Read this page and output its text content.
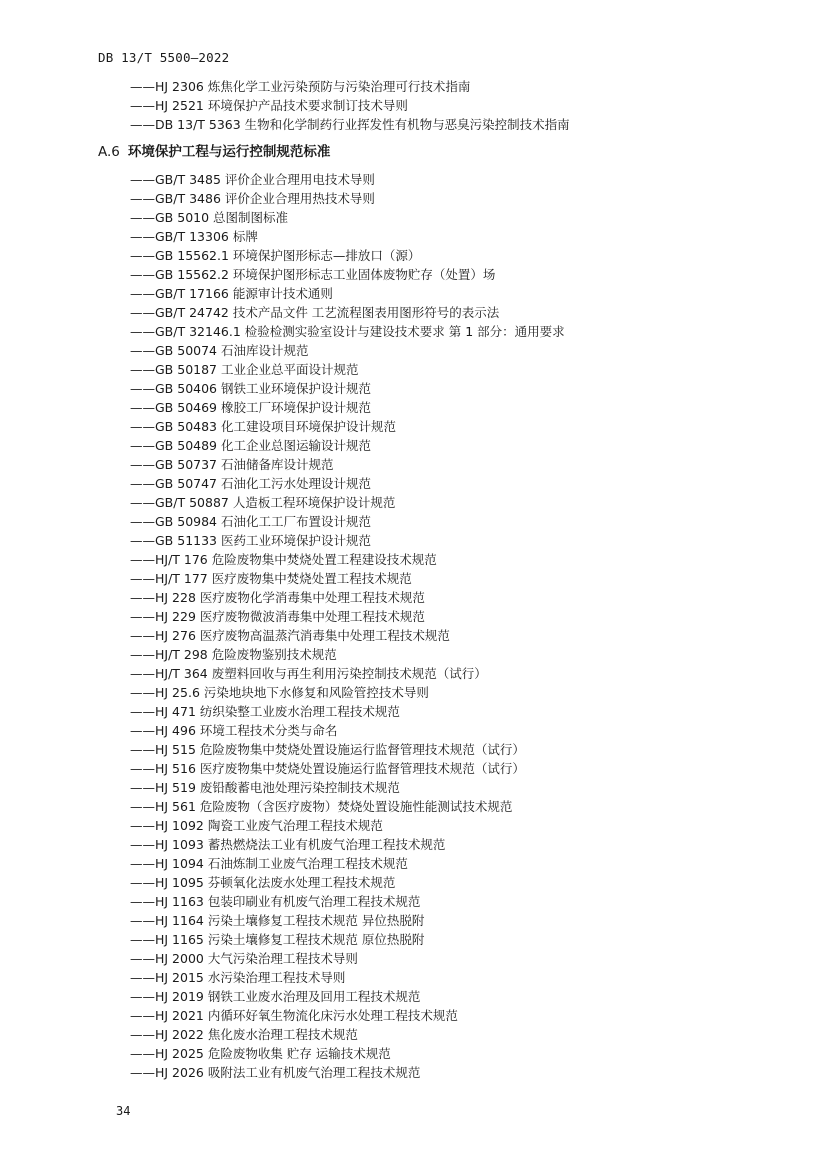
DB 13/T 5500—2022
——HJ 2306 炼焦化学工业污染预防与污染治理可行技术指南
——HJ 2521 环境保护产品技术要求制订技术导则
——DB 13/T 5363 生物和化学制药行业挥发性有机物与恶臭污染控制技术指南
A.6 环境保护工程与运行控制规范标准
——GB/T 3485 评价企业合理用电技术导则
——GB/T 3486 评价企业合理用热技术导则
——GB 5010 总图制图标准
——GB/T 13306 标牌
——GB 15562.1 环境保护图形标志—排放口（源）
——GB 15562.2 环境保护图形标志工业固体废物贮存（处置）场
——GB/T 17166 能源审计技术通则
——GB/T 24742 技术产品文件 工艺流程图表用图形符号的表示法
——GB/T 32146.1 检验检测实验室设计与建设技术要求 第 1 部分：通用要求
——GB 50074 石油库设计规范
——GB 50187 工业企业总平面设计规范
——GB 50406 钢铁工业环境保护设计规范
——GB 50469 橡胶工厂环境保护设计规范
——GB 50483 化工建设项目环境保护设计规范
——GB 50489 化工企业总图运输设计规范
——GB 50737 石油储备库设计规范
——GB 50747 石油化工污水处理设计规范
——GB/T 50887 人造板工程环境保护设计规范
——GB 50984 石油化工工厂布置设计规范
——GB 51133 医药工业环境保护设计规范
——HJ/T 176 危险废物集中焚烧处置工程建设技术规范
——HJ/T 177 医疗废物集中焚烧处置工程技术规范
——HJ 228 医疗废物化学消毒集中处理工程技术规范
——HJ 229 医疗废物微波消毒集中处理工程技术规范
——HJ 276 医疗废物高温蒸汽消毒集中处理工程技术规范
——HJ/T 298 危险废物鉴别技术规范
——HJ/T 364 废塑料回收与再生利用污染控制技术规范（试行）
——HJ 25.6 污染地块地下水修复和风险管控技术导则
——HJ 471 纺织染整工业废水治理工程技术规范
——HJ 496 环境工程技术分类与命名
——HJ 515 危险废物集中焚烧处置设施运行监督管理技术规范（试行）
——HJ 516 医疗废物集中焚烧处置设施运行监督管理技术规范（试行）
——HJ 519 废铅酸蓄电池处理污染控制技术规范
——HJ 561 危险废物（含医疗废物）焚烧处置设施性能测试技术规范
——HJ 1092 陶瓷工业废气治理工程技术规范
——HJ 1093 蓄热燃烧法工业有机废气治理工程技术规范
——HJ 1094 石油炼制工业废气治理工程技术规范
——HJ 1095 芬顿氧化法废水处理工程技术规范
——HJ 1163 包装印刷业有机废气治理工程技术规范
——HJ 1164 污染土壤修复工程技术规范 异位热脱附
——HJ 1165 污染土壤修复工程技术规范 原位热脱附
——HJ 2000 大气污染治理工程技术导则
——HJ 2015 水污染治理工程技术导则
——HJ 2019 钢铁工业废水治理及回用工程技术规范
——HJ 2021 内循环好氧生物流化床污水处理工程技术规范
——HJ 2022 焦化废水治理工程技术规范
——HJ 2025 危险废物收集 贮存 运输技术规范
——HJ 2026 吸附法工业有机废气治理工程技术规范
34
